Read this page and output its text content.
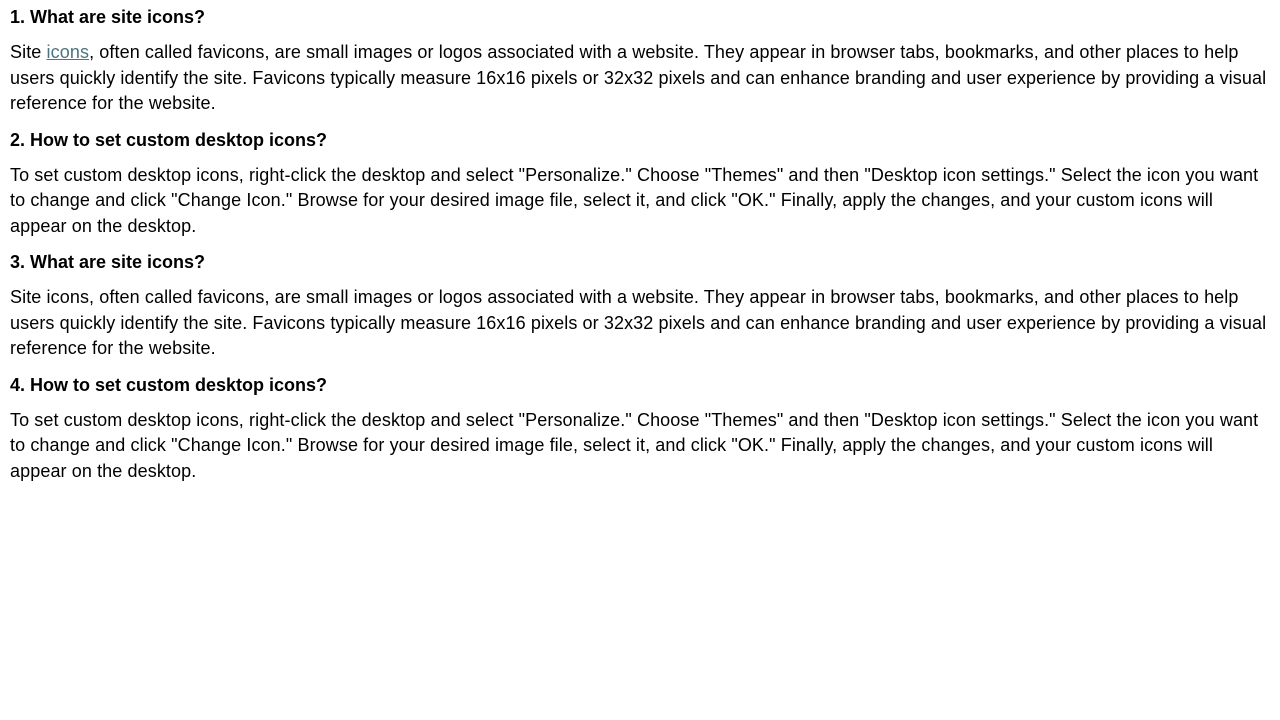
1. What are site icons?
Site icons, often called favicons, are small images or logos associated with a website. They appear in browser tabs, bookmarks, and other places to help users quickly identify the site. Favicons typically measure 16x16 pixels or 32x32 pixels and can enhance branding and user experience by providing a visual reference for the website.
2. How to set custom desktop icons?
To set custom desktop icons, right-click the desktop and select "Personalize." Choose "Themes" and then "Desktop icon settings." Select the icon you want to change and click "Change Icon." Browse for your desired image file, select it, and click "OK." Finally, apply the changes, and your custom icons will appear on the desktop.
3. What are site icons?
Site icons, often called favicons, are small images or logos associated with a website. They appear in browser tabs, bookmarks, and other places to help users quickly identify the site. Favicons typically measure 16x16 pixels or 32x32 pixels and can enhance branding and user experience by providing a visual reference for the website.
4. How to set custom desktop icons?
To set custom desktop icons, right-click the desktop and select "Personalize." Choose "Themes" and then "Desktop icon settings." Select the icon you want to change and click "Change Icon." Browse for your desired image file, select it, and click "OK." Finally, apply the changes, and your custom icons will appear on the desktop.
